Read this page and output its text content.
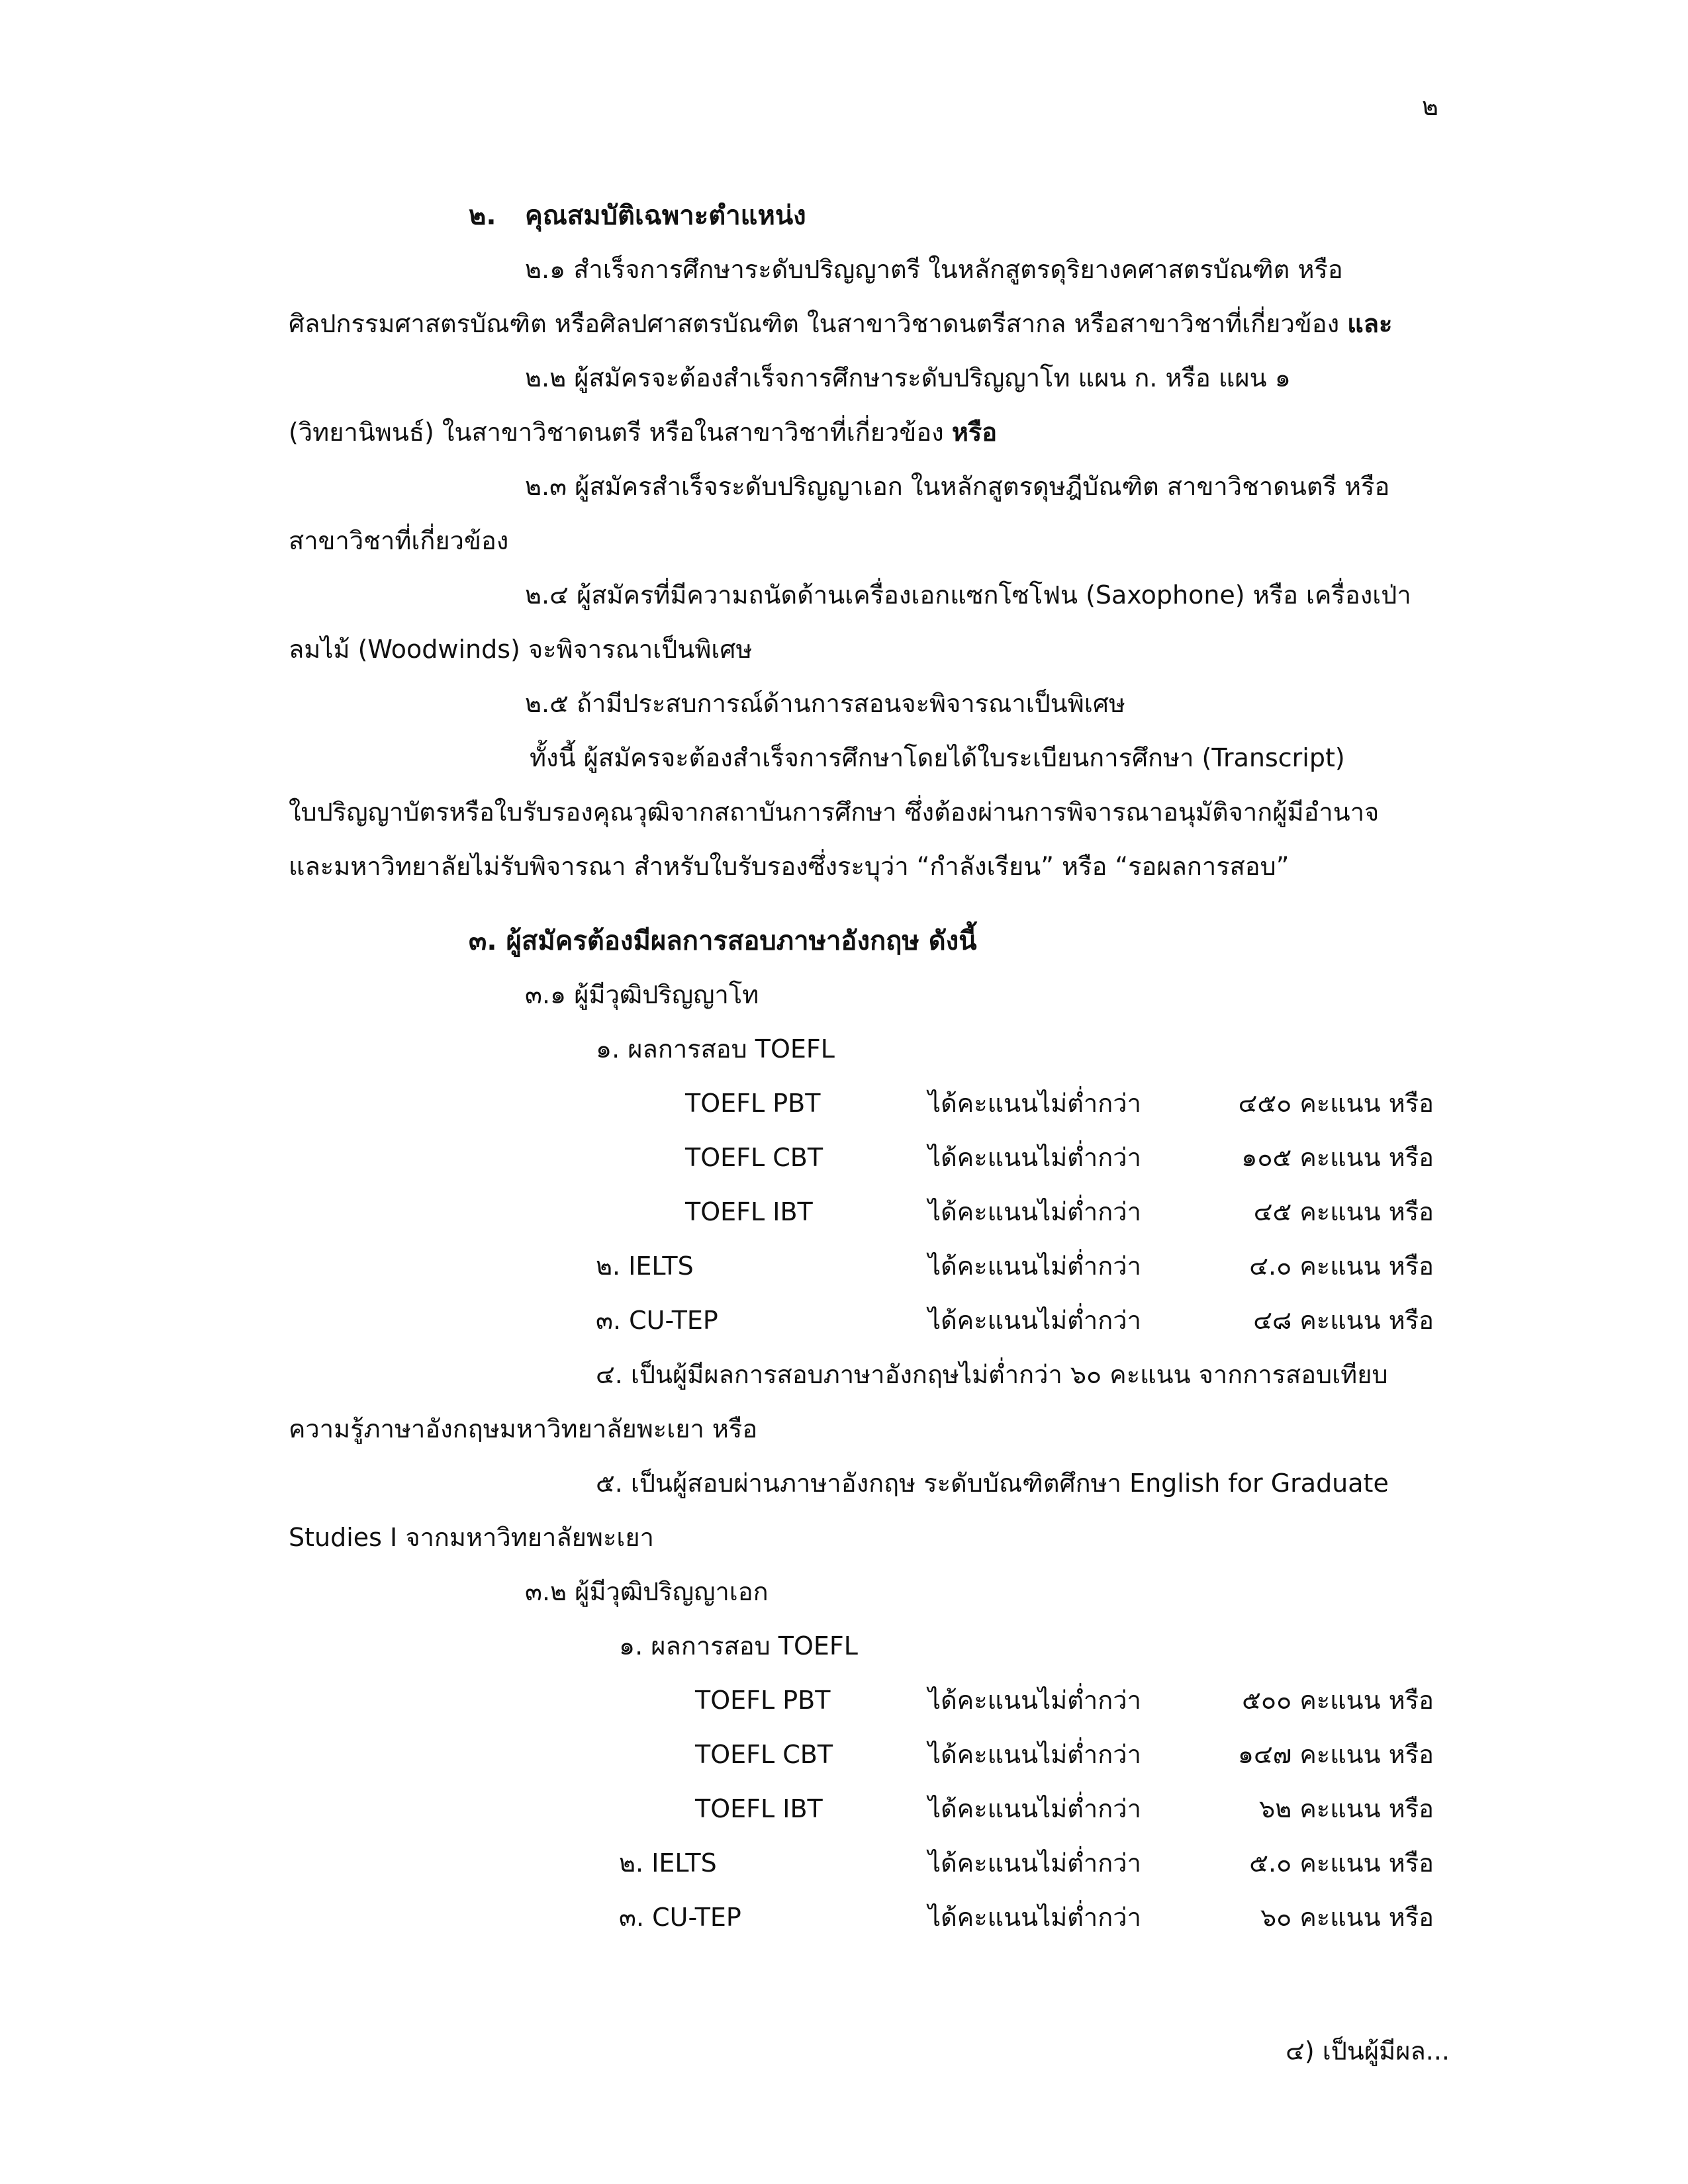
๒
๒. คุณสมบัติเฉพาะตำแหน่ง
๒.๑ สำเร็จการศึกษาระดับปริญญาตรี ในหลักสูตรดุริยางคศาสตรบัณฑิต หรือ
ศิลปกรรมศาสตรบัณฑิต หรือศิลปศาสตรบัณฑิต ในสาขาวิชาดนตรีสากล หรือสาขาวิชาที่เกี่ยวข้อง และ
๒.๒ ผู้สมัครจะต้องสำเร็จการศึกษาระดับปริญญาโท แผน ก. หรือ แผน ๑
(วิทยานิพนธ์) ในสาขาวิชาดนตรี หรือในสาขาวิชาที่เกี่ยวข้อง หรือ
๒.๓ ผู้สมัครสำเร็จระดับปริญญาเอก ในหลักสูตรดุษฎีบัณฑิต สาขาวิชาดนตรี หรือ
สาขาวิชาที่เกี่ยวข้อง
๒.๔ ผู้สมัครที่มีความถนัดด้านเครื่องเอกแซกโซโฟน (Saxophone) หรือ เครื่องเป่า
ลมไม้ (Woodwinds) จะพิจารณาเป็นพิเศษ
๒.๕ ถ้ามีประสบการณ์ด้านการสอนจะพิจารณาเป็นพิเศษ
ทั้งนี้ ผู้สมัครจะต้องสำเร็จการศึกษาโดยได้ใบระเบียนการศึกษา (Transcript)
ใบปริญญาบัตรหรือใบรับรองคุณวุฒิจากสถาบันการศึกษา ซึ่งต้องผ่านการพิจารณาอนุมัติจากผู้มีอำนาจ
และมหาวิทยาลัยไม่รับพิจารณา สำหรับใบรับรองซึ่งระบุว่า “กำลังเรียน” หรือ “รอผลการสอบ”
๓. ผู้สมัครต้องมีผลการสอบภาษาอังกฤษ ดังนี้
๓.๑ ผู้มีวุฒิปริญญาโท
๑. ผลการสอบ TOEFL
TOEFL PBT	ได้คะแนนไม่ต่ำกว่า	๔๕๐ คะแนน หรือ
TOEFL CBT	ได้คะแนนไม่ต่ำกว่า	๑๐๕ คะแนน หรือ
TOEFL IBT	ได้คะแนนไม่ต่ำกว่า	๔๕ คะแนน หรือ
๒. IELTS	ได้คะแนนไม่ต่ำกว่า	๔.๐ คะแนน หรือ
๓. CU-TEP	ได้คะแนนไม่ต่ำกว่า	๔๘ คะแนน หรือ
๔. เป็นผู้มีผลการสอบภาษาอังกฤษไม่ต่ำกว่า ๖๐ คะแนน จากการสอบเทียบ
ความรู้ภาษาอังกฤษมหาวิทยาลัยพะเยา หรือ
๕. เป็นผู้สอบผ่านภาษาอังกฤษ ระดับบัณฑิตศึกษา English for Graduate
Studies I จากมหาวิทยาลัยพะเยา
๓.๒ ผู้มีวุฒิปริญญาเอก
๑. ผลการสอบ TOEFL
TOEFL PBT	ได้คะแนนไม่ต่ำกว่า	๕๐๐ คะแนน หรือ
TOEFL CBT	ได้คะแนนไม่ต่ำกว่า	๑๔๗ คะแนน หรือ
TOEFL IBT	ได้คะแนนไม่ต่ำกว่า	๖๒ คะแนน หรือ
๒. IELTS	ได้คะแนนไม่ต่ำกว่า	๕.๐ คะแนน หรือ
๓. CU-TEP	ได้คะแนนไม่ต่ำกว่า	๖๐ คะแนน หรือ
๔) เป็นผู้มีผล...
